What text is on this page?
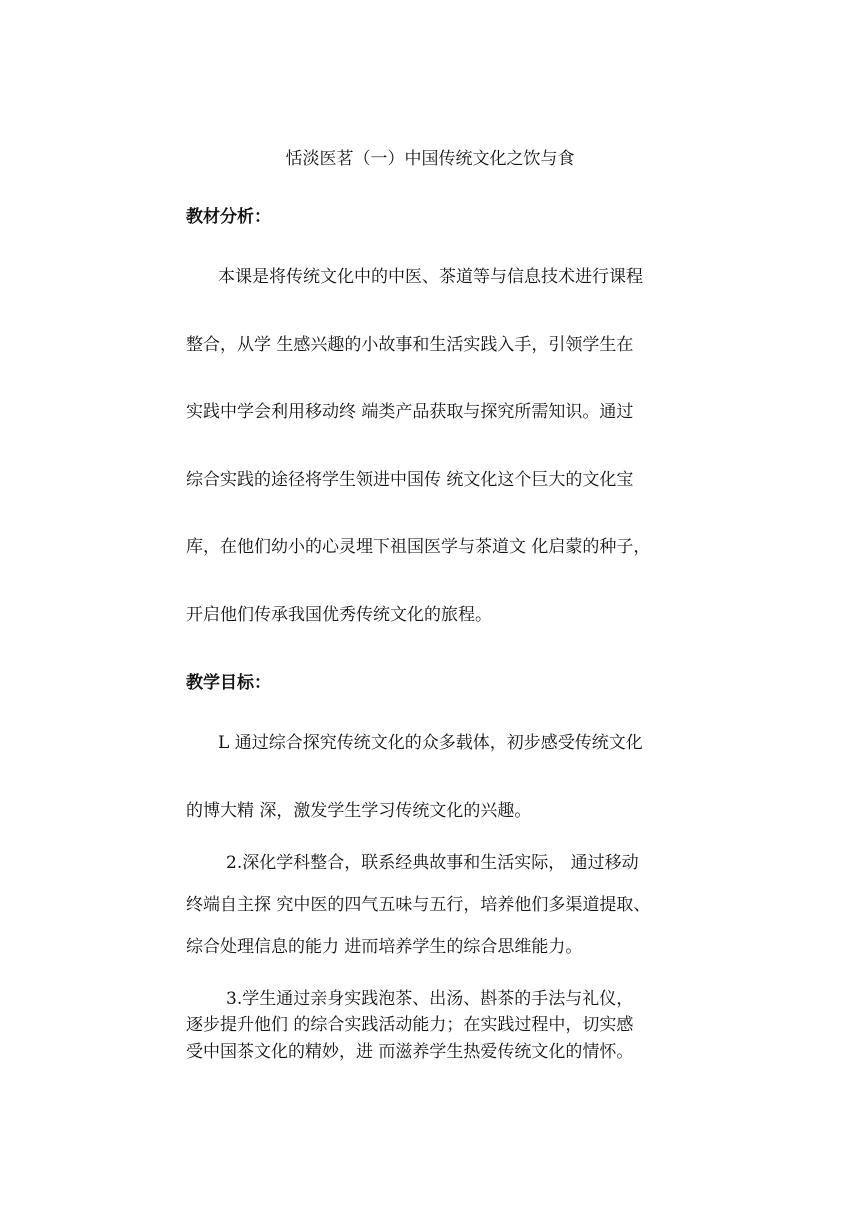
恬淡医茗（一）中国传统文化之饮与食
教材分析：
本课是将传统文化中的中医、茶道等与信息技术进行课程
整合，从学 生感兴趣的小故事和生活实践入手，引领学生在
实践中学会利用移动终 端类产品获取与探究所需知识。通过
综合实践的途径将学生领进中国传 统文化这个巨大的文化宝
库，在他们幼小的心灵埋下祖国医学与茶道文 化启蒙的种子，
开启他们传承我国优秀传统文化的旅程。
教学目标：
L 通过综合探究传统文化的众多载体，初步感受传统文化
的博大精 深，激发学生学习传统文化的兴趣。
2.深化学科整合，联系经典故事和生活实际， 通过移动
终端自主探 究中医的四气五味与五行，培养他们多渠道提取、
综合处理信息的能力 进而培养学生的综合思维能力。
3.学生通过亲身实践泡茶、出汤、斟茶的手法与礼仪，
逐步提升他们 的综合实践活动能力；在实践过程中，切实感
受中国茶文化的精妙，进 而滋养学生热爱传统文化的情怀。
